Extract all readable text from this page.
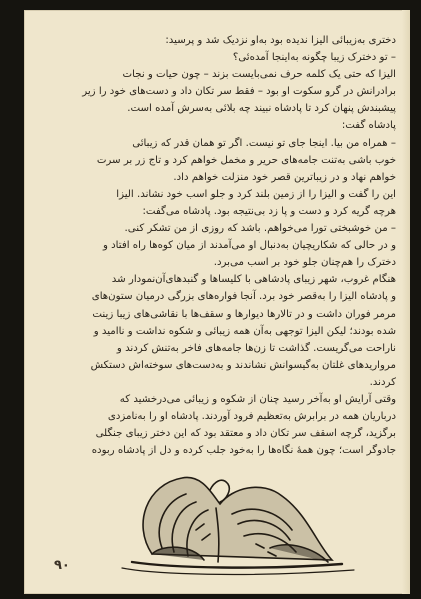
دختری به‌زیبائی الیزا ندیده بود به‌او نزدیک شد و پرسید:

– تو دخترک زیبا چگونه به‌اینجا آمده‌ئی؟

الیزا که حتی یک کلمه حرف نمی‌بایست بزند – چون حیات و نجات

برادرانش در گرو سکوت او بود – فقط سر تکان داد و دست‌های خود را زیر

پیشبندش پنهان کرد تا پادشاه نبیند چه بلائی به‌سرش آمده است.

پادشاه گفت:

– همراه من بیا. اینجا جای تو نیست. اگر تو همان قدر که زیبائی

خوب باشی به‌تنت جامه‌های حریر و مخمل خواهم کرد و تاج زر بر سرت

خواهم نهاد و در زیباترین قصر خود منزلت خواهم داد.

این را گفت و الیزا را از زمین بلند کرد و جلو اسب خود نشاند. الیزا

هرچه گریه کرد و دست و پا زد بی‌نتیجه بود. پادشاه می‌گفت:

– من خوشبختی تورا می‌خواهم. باشد که روزی از من تشکر کنی.

و در حالی که شکاریچیان به‌دنبال او می‌آمدند از میان کوه‌ها راه افتاد و

دخترک را هم‌چنان جلو خود بر اسب می‌برد.

هنگام غروب، شهر زیبای پادشاهی با کلیساها و گنبدهای‌آن‌نمودار شد

و پادشاه الیزا را به‌قصر خود برد. آنجا فواره‌های بزرگی درمیان ستون‌های

مرمر فوران داشت و در تالارها دیوارها و سقف‌ها با نقاشی‌های زیبا زینت

شده بودند؛ لیکن الیزا توجهی به‌آن همه زیبائی و شکوه نداشت و ناامید و

ناراحت می‌گریست. گذاشت تا زن‌ها جامه‌های فاخر به‌تنش کردند و

مرواریدهای غلتان به‌گیسوانش نشاندند و به‌دست‌های سوخته‌اش دستکش

کردند.

وقتی آرایش او به‌آخر رسید چنان از شکوه و زیبائی می‌درخشید که

درباریان همه در برابرش به‌تعظیم فرود آوردند. پادشاه او را به‌نامزدی

برگزید، گرچه اسقف سر تکان داد و معتقد بود که این دختر زیبای جنگلی

جادوگر است؛ چون همهٔ نگاه‌ها را به‌خود جلب کرده و دل از پادشاه ربوده

۹۰
